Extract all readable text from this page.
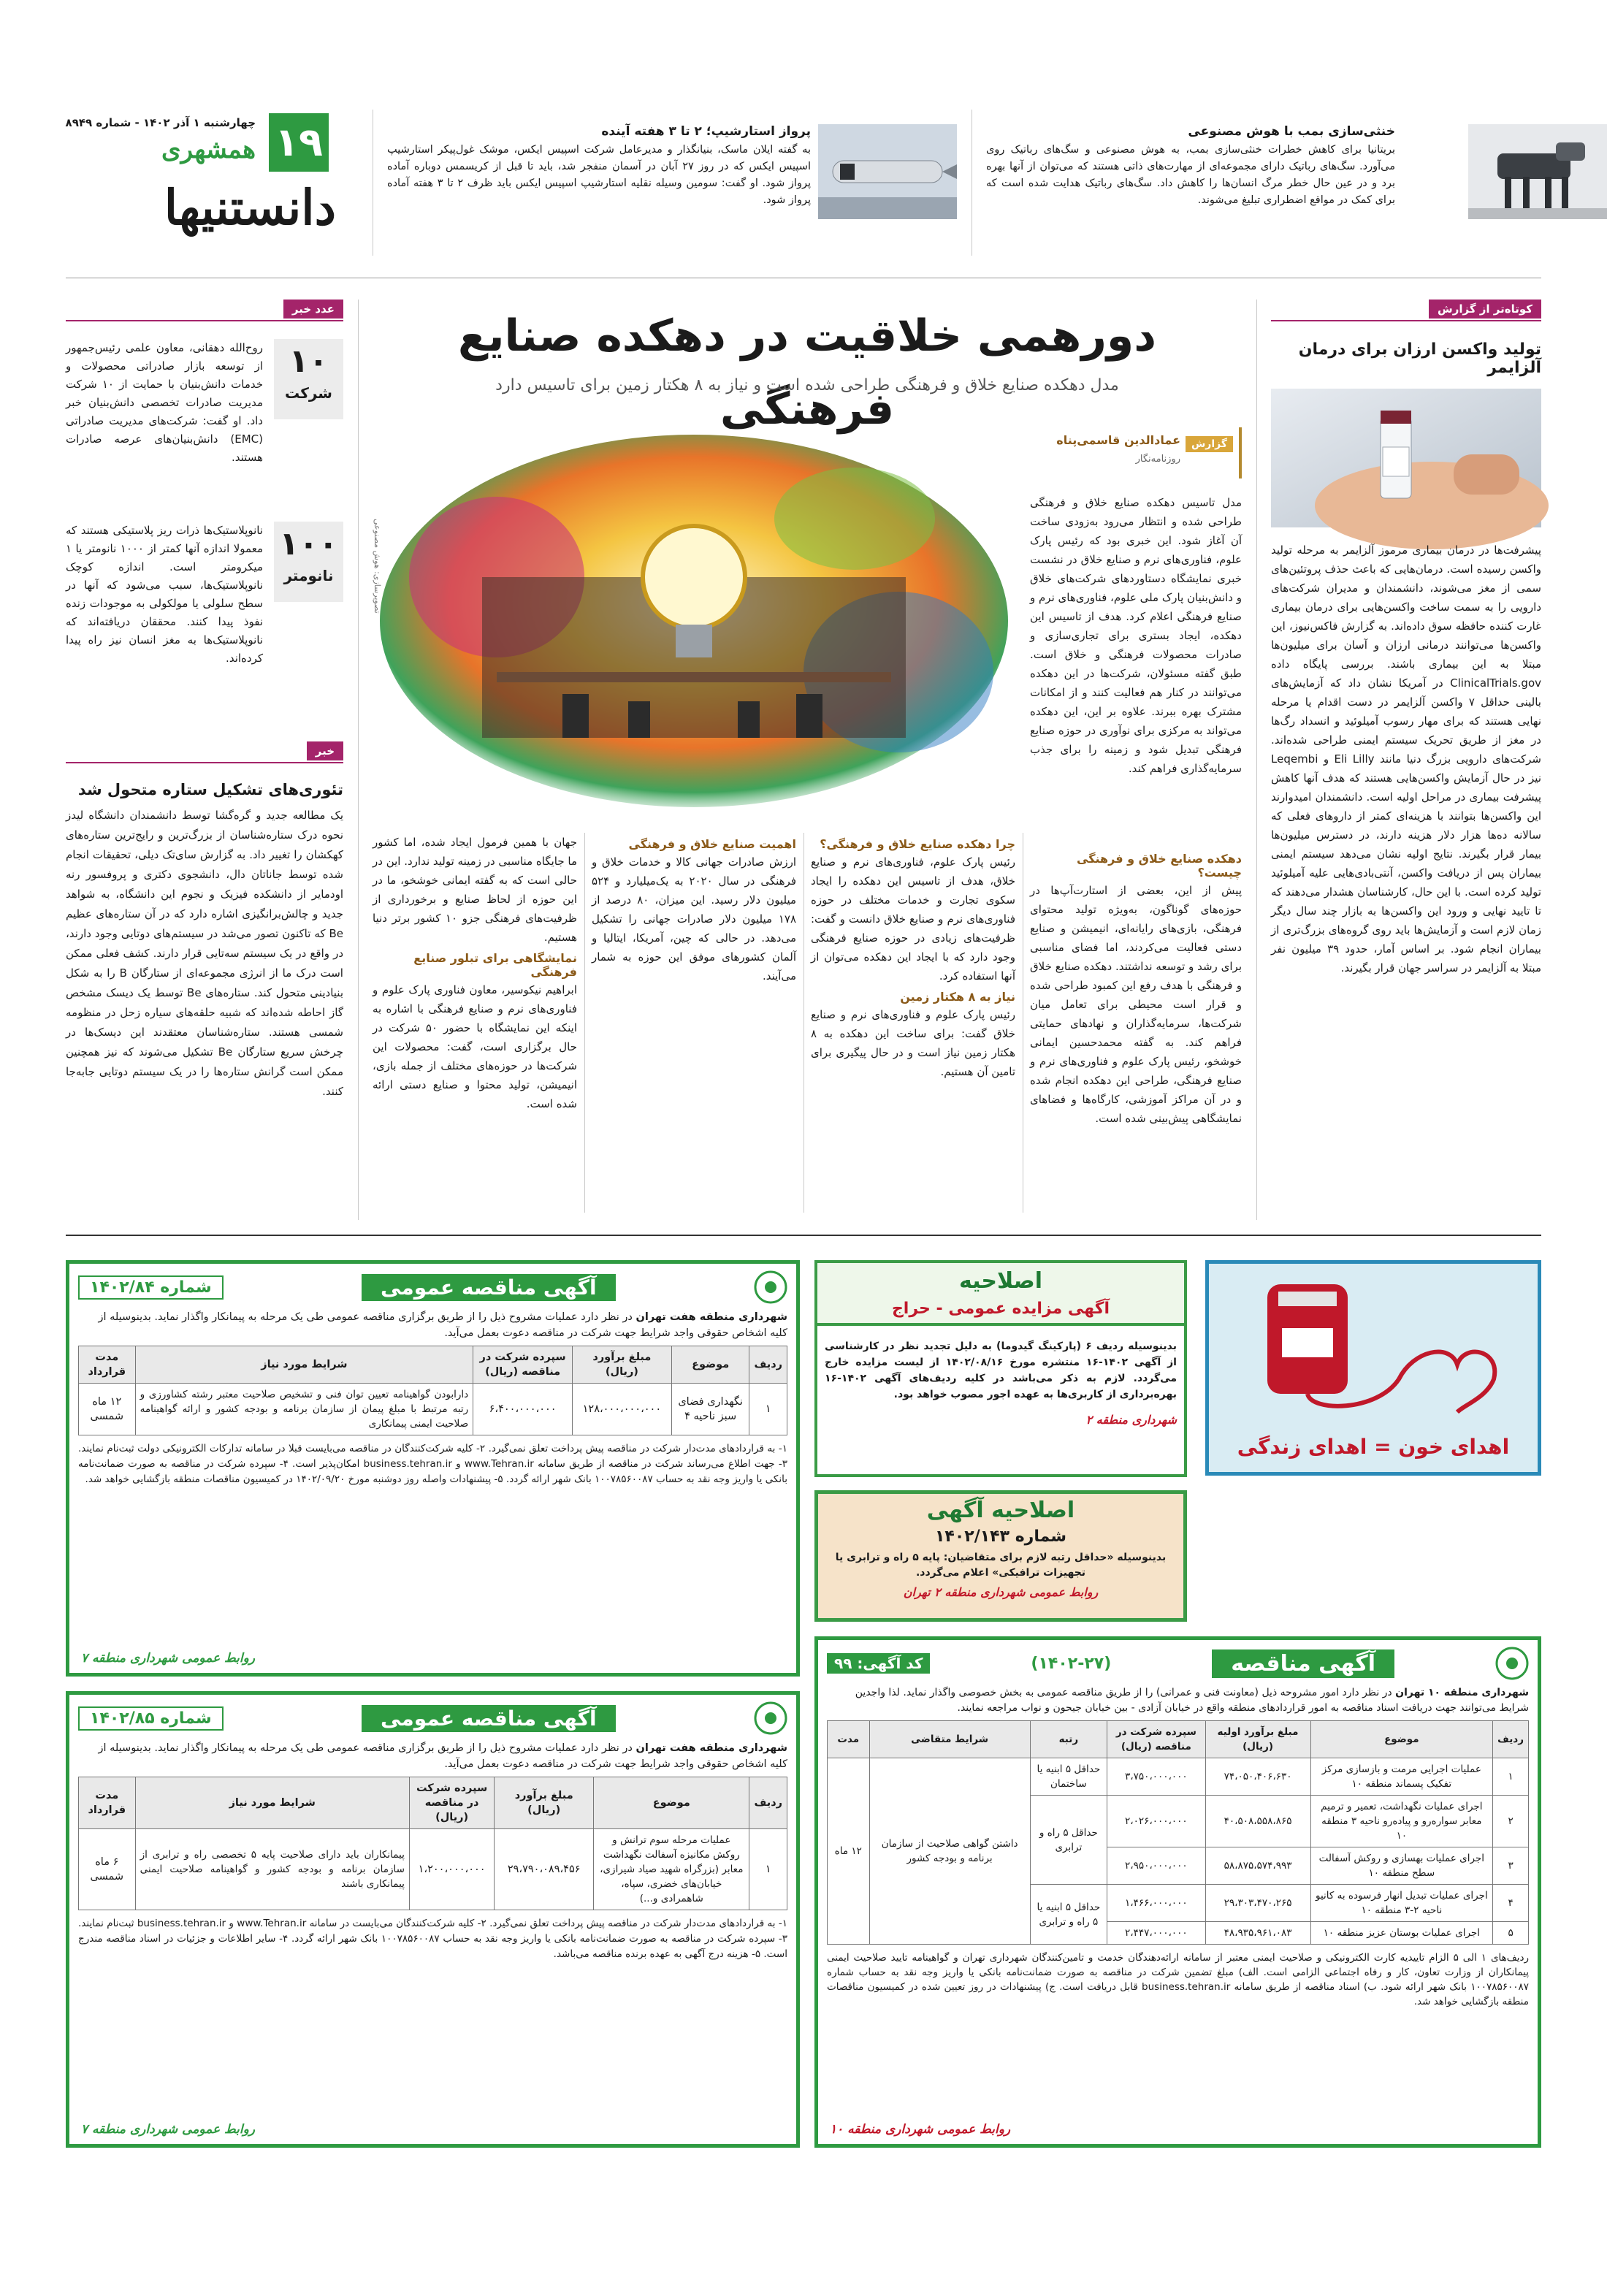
۱۹
چهارشنبه ۱ آذر ۱۴۰۲ - شماره ۸۹۴۹
همشهری
دانستنیها
خنثی‌سازی بمب با هوش مصنوعی

بریتانیا برای کاهش خطرات خنثی‌سازی بمب، به هوش مصنوعی و سگ‌های رباتیک روی می‌آورد. سگ‌های رباتیک دارای مجموعه‌ای از مهارت‌های ذاتی هستند که می‌توان از آنها بهره برد و در عین حال خطر مرگ انسان‌ها را کاهش داد. سگ‌های رباتیک هدایت شده است که برای کمک در مواقع اضطراری تبلیغ می‌شوند.

پرواز استارشیپ؛ ۲ تا ۳ هفته آینده

به گفته ایلان ماسک، بنیانگذار و مدیرعامل شرکت اسپیس ایکس، موشک غول‌پیکر استارشیپ اسپیس ایکس که در روز ۲۷ آبان در آسمان منفجر شد، باید تا قبل از کریسمس دوباره آماده پرواز شود. او گفت: سومین وسیله نقلیه استارشیپ اسپیس ایکس باید ظرف ۲ تا ۳ هفته آماده پرواز شود.

عدد خبر
۱۰
شرکت

روح‌الله دهقانی، معاون علمی رئیس‌جمهور از توسعه بازار صادراتی محصولات و خدمات دانش‌بنیان با حمایت از ۱۰ شرکت مدیریت صادرات تخصصی دانش‌بنیان خبر داد. او گفت: شرکت‌های مدیریت صادراتی (EMC) دانش‌بنیان‌های عرصه صادرات هستند.

۱۰۰
نانومتر

نانوپلاستیک‌ها ذرات ریز پلاستیکی هستند که معمولا اندازه آنها کمتر از ۱۰۰۰ نانومتر یا ۱ میکرومتر است. اندازه کوچک نانوپلاستیک‌ها، سبب می‌شود که آنها در سطح سلولی یا مولکولی به موجودات زنده نفوذ پیدا کنند. محققان دریافته‌اند که نانوپلاستیک‌ها به مغز انسان نیز راه پیدا کرده‌اند.

خبر
تئوری‌های تشکیل ستاره متحول شد

یک مطالعه جدید و گره‌گشا توسط دانشمندان دانشگاه لیدز نحوه درک ستاره‌شناسان از بزرگ‌ترین و رایج‌ترین ستاره‌های کهکشان را تغییر داد. به گزارش سای‌تک دیلی، تحقیقات انجام شده توسط جاناتان دال، دانشجوی دکتری و پروفسور رنه اودمایر از دانشکده فیزیک و نجوم این دانشگاه، به شواهد جدید و چالش‌برانگیزی اشاره دارد که در آن ستاره‌های عظیم Be که تاکنون تصور می‌شد در سیستم‌های دوتایی وجود دارند، در واقع در یک سیستم سه‌تایی قرار دارند. کشف فعلی ممکن است درک ما از انرژی مجموعه‌ای از ستارگان B را به شکل بنیادینی متحول کند. ستاره‌های Be توسط یک دیسک مشخص گاز احاطه شده‌اند که شبیه حلقه‌های سیاره زحل در منظومه شمسی هستند. ستاره‌شناسان معتقدند این دیسک‌ها در چرخش سریع ستارگان Be تشکیل می‌شوند که نیز همچنین ممکن است گرانش ستاره‌ها را در یک سیستم دوتایی جابه‌جا کنند.

کوتاه‌تر از گزارش
تولید واکسن ارزان برای درمان آلزایمر

پیشرفت‌ها در درمان بیماری مرموز آلزایمر به مرحله تولید واکسن رسیده است. درمان‌هایی که باعث حذف پروتئین‌های سمی از مغز می‌شوند، دانشمندان و مدیران شرکت‌های دارویی را به سمت ساخت واکسن‌هایی برای درمان بیماری غارت کننده حافظه سوق داده‌اند. به گزارش فاکس‌نیوز، این واکسن‌ها می‌توانند درمانی ارزان و آسان برای میلیون‌ها مبتلا به این بیماری باشند. بررسی پایگاه داده ClinicalTrials.gov در آمریکا نشان داد که آزمایش‌های بالینی حداقل ۷ واکسن آلزایمر در دست اقدام یا مرحله نهایی هستند که برای مهار رسوب آمیلوئید و انسداد رگ‌ها در مغز از طریق تحریک سیستم ایمنی طراحی شده‌اند. شرکت‌های دارویی بزرگ دنیا مانند Eli Lilly و Leqembi نیز در حال آزمایش واکسن‌هایی هستند که هدف آنها کاهش پیشرفت بیماری در مراحل اولیه است. دانشمندان امیدوارند این واکسن‌ها بتوانند با هزینه‌ای کمتر از داروهای فعلی که سالانه ده‌ها هزار دلار هزینه دارند، در دسترس میلیون‌ها بیمار قرار بگیرند. نتایج اولیه نشان می‌دهد سیستم ایمنی بیماران پس از دریافت واکسن، آنتی‌بادی‌هایی علیه آمیلوئید تولید کرده است. با این حال، کارشناسان هشدار می‌دهند که تا تایید نهایی و ورود این واکسن‌ها به بازار چند سال دیگر زمان لازم است و آزمایش‌ها باید روی گروه‌های بزرگ‌تری از بیماران انجام شود. بر اساس آمار، حدود ۳۹ میلیون نفر مبتلا به آلزایمر در سراسر جهان قرار بگیرند.

دورهمی خلاقیت در دهکده صنایع فرهنگی
مدل دهکده صنایع خلاق و فرهنگی طراحی شده است و نیاز به ۸ هکتار زمین برای تاسیس دارد
گزارش
عمادالدین قاسمی‌پناه
روزنامه‌نگار
تصویرسازی: هوش مصنوعی

مدل تاسیس دهکده صنایع خلاق و فرهنگی طراحی شده و انتظار می‌رود به‌زودی ساخت آن آغاز شود. این خبری بود که رئیس پارک علوم، فناوری‌های نرم و صنایع خلاق در نشست خبری نمایشگاه دستاوردهای شرکت‌های خلاق و دانش‌بنیان پارک ملی علوم، فناوری‌های نرم و صنایع فرهنگی اعلام کرد. هدف از تاسیس این دهکده، ایجاد بستری برای تجاری‌سازی و صادرات محصولات فرهنگی و خلاق است. طبق گفته مسئولان، شرکت‌ها در این دهکده می‌توانند در کنار هم فعالیت کنند و از امکانات مشترک بهره ببرند. علاوه بر این، این دهکده می‌تواند به مرکزی برای نوآوری در حوزه صنایع فرهنگی تبدیل شود و زمینه را برای جذب سرمایه‌گذاری فراهم کند.

دهکده صنایع خلاق و فرهنگی چیست؟

پیش از این، بعضی از استارت‌آپ‌ها در حوزه‌های گوناگون، به‌ویژه تولید محتوای فرهنگی، بازی‌های رایانه‌ای، انیمیشن و صنایع دستی فعالیت می‌کردند، اما فضای مناسبی برای رشد و توسعه نداشتند. دهکده صنایع خلاق و فرهنگی با هدف رفع این کمبود طراحی شده و قرار است محیطی برای تعامل میان شرکت‌ها، سرمایه‌گذاران و نهادهای حمایتی فراهم کند. به گفته محمدحسین ایمانی خوشخو، رئیس پارک علوم و فناوری‌های نرم و صنایع فرهنگی، طراحی این دهکده انجام شده و در آن مراکز آموزشی، کارگاه‌ها و فضاهای نمایشگاهی پیش‌بینی شده است.

چرا دهکده صنایع خلاق و فرهنگی؟

رئیس پارک علوم، فناوری‌های نرم و صنایع خلاق، هدف از تاسیس این دهکده را ایجاد سکوی تجارت و خدمات مختلف در حوزه فناوری‌های نرم و صنایع خلاق دانست و گفت: ظرفیت‌های زیادی در حوزه صنایع فرهنگی وجود دارد که با ایجاد این دهکده می‌توان از آنها استفاده کرد.

نیاز به ۸ هکتار زمین

رئیس پارک علوم و فناوری‌های نرم و صنایع خلاق گفت: برای ساخت این دهکده به ۸ هکتار زمین نیاز است و در حال پیگیری برای تامین آن هستیم.

اهمیت صنایع خلاق و فرهنگی

ارزش صادرات جهانی کالا و خدمات خلاق و فرهنگی در سال ۲۰۲۰ به یک‌میلیارد و ۵۲۴ میلیون دلار رسید. این میزان، ۸۰ درصد از ۱۷۸ میلیون دلار صادرات جهانی را تشکیل می‌دهد. در حالی که چین، آمریکا، ایتالیا و آلمان کشورهای موفق این حوزه به شمار می‌آیند.

جهان با همین فرمول ایجاد شده، اما کشور ما جایگاه مناسبی در زمینه تولید ندارد. این در حالی است که به گفته ایمانی خوشخو، ما در این حوزه از لحاظ صنایع و برخورداری از ظرفیت‌های فرهنگی جزو ۱۰ کشور برتر دنیا هستیم.

نمایشگاهی برای تبلور صنایع فرهنگی

ابراهیم نیکوسیر، معاون فناوری پارک علوم و فناوری‌های نرم و صنایع فرهنگی با اشاره به اینکه این نمایشگاه با حضور ۵۰ شرکت در حال برگزاری است، گفت: محصولات این شرکت‌ها در حوزه‌های مختلف از جمله بازی، انیمیشن، تولید محتوا و صنایع دستی ارائه شده است.

اهدای خون = اهدای زندگی
اصلاحیه
آگهی مزایده عمومی - حراج

بدینوسیله ردیف ۶ (پارکینگ گیدوما) به دلیل تجدید نظر در کارشناسی از آگهی ۱۴۰۲-۱۶ منتشره مورخ ۱۴۰۲/۰۸/۱۶ از لیست مزایده خارج می‌گردد. لازم به ذکر می‌باشد در کلیه ردیف‌های آگهی ۱۴۰۲-۱۶ بهره‌برداری از کاربری‌ها به عهده اجور مصوب خواهد بود.

شهرداری منطقه ۲
اصلاحیه آگهی
شماره ۱۴۰۲/۱۴۳

بدینوسیله «حداقل رتبه لازم برای متقاضیان: پایه ۵ راه و ترابری یا تجهیزات ترافیکی» اعلام می‌گردد.

روابط عمومی شهرداری منطقه ۲ تهران
آگهی مناقصه عمومی
شماره ۱۴۰۲/۸۴
شهرداری منطقه هفت تهران در نظر دارد عملیات مشروح ذیل را از طریق برگزاری مناقصه عمومی طی یک مرحله به پیمانکار واگذار نماید. بدینوسیله از کلیه اشخاص حقوقی واجد شرایط جهت شرکت در مناقصه دعوت بعمل می‌آید.
ردیف	موضوع	مبلغ برآورد (ریال)	سپرده شرکت در مناقصه (ریال)	شرایط مورد نیاز	مدت قرارداد
۱	نگهداری فضای سبز ناحیه ۴	۱۲۸،۰۰۰،۰۰۰،۰۰۰	۶،۴۰۰،۰۰۰،۰۰۰	دارابودن گواهینامه تعیین توان فنی و تشخیص صلاحیت معتبر رشته کشاورزی و رتبه مرتبط با مبلغ پیمان از سازمان برنامه و بودجه کشور و ارائه گواهینامه صلاحیت ایمنی پیمانکاری	۱۲ ماه شمسی

۱- به قراردادهای مدت‌دار شرکت در مناقصه پیش پرداخت تعلق نمی‌گیرد. ۲- کلیه شرکت‌کنندگان در مناقصه می‌بایست قبلا در سامانه تدارکات الکترونیکی دولت ثبت‌نام نمایند. ۳- جهت اطلاع می‌رساند شرکت در مناقصه از طریق سامانه www.Tehran.ir و business.tehran.ir امکان‌پذیر است. ۴- سپرده شرکت در مناقصه به صورت ضمانت‌نامه بانکی یا واریز وجه نقد به حساب ۱۰۰۷۸۵۶۰۰۸۷ بانک شهر ارائه گردد. ۵- پیشنهادات واصله روز دوشنبه مورخ ۱۴۰۲/۰۹/۲۰ در کمیسیون مناقصات منطقه بازگشایی خواهد شد.

روابط عمومی شهرداری منطقه ۷
آگهی مناقصه عمومی
شماره ۱۴۰۲/۸۵
شهرداری منطقه هفت تهران در نظر دارد عملیات مشروح ذیل را از طریق برگزاری مناقصه عمومی طی یک مرحله به پیمانکار واگذار نماید. بدینوسیله از کلیه اشخاص حقوقی واجد شرایط جهت شرکت در مناقصه دعوت بعمل می‌آید.
ردیف	موضوع	مبلغ برآورد (ریال)	سپرده شرکت در مناقصه (ریال)	شرایط مورد نیاز	مدت قرارداد
۱	عملیات مرحله سوم ترانش و روکش مکانیزه آسفالت نگهداشت معابر (بزرگراه شهید صیاد شیرازی، خیابان‌های خضری، سپاه، شاهمرادی و...)	۲۹،۷۹۰،۰۸۹،۴۵۶	۱،۲۰۰،۰۰۰،۰۰۰	پیمانکاران باید دارای صلاحیت پایه ۵ تخصصی راه و ترابری از سازمان برنامه و بودجه کشور و گواهینامه صلاحیت ایمنی پیمانکاری باشند	۶ ماه شمسی

۱- به قراردادهای مدت‌دار شرکت در مناقصه پیش پرداخت تعلق نمی‌گیرد. ۲- کلیه شرکت‌کنندگان می‌بایست در سامانه www.Tehran.ir و business.tehran.ir ثبت‌نام نمایند. ۳- سپرده شرکت در مناقصه به صورت ضمانت‌نامه بانکی یا واریز وجه نقد به حساب ۱۰۰۷۸۵۶۰۰۸۷ بانک شهر ارائه گردد. ۴- سایر اطلاعات و جزئیات در اسناد مناقصه مندرج است. ۵- هزینه درج آگهی به عهده برنده مناقصه می‌باشد.

روابط عمومی شهرداری منطقه ۷
آگهی مناقصه
(۱۴۰۲-۲۷)
کد آگهی: ۹۹
شهرداری منطقه ۱۰ تهران در نظر دارد امور مشروحه ذیل (معاونت فنی و عمرانی) را از طریق مناقصه عمومی به بخش خصوصی واگذار نماید. لذا واجدین شرایط می‌توانند جهت دریافت اسناد مناقصه به امور قراردادهای منطقه واقع در خیابان آزادی - بین خیابان جیحون و نواب مراجعه نمایند.
ردیف	موضوع	مبلغ برآورد اولیه (ریال)	سپرده شرکت در مناقصه (ریال)	رتبه	شرایط متقاضی	مدت
۱	عملیات اجرایی مرمت و بازسازی مرکز تفکیک پسماند منطقه ۱۰	۷۴،۰۵۰،۴۰۶،۶۳۰	۳،۷۵۰،۰۰۰،۰۰۰	حداقل ۵ ابنیه یا ساختمان	داشتن گواهی صلاحیت از سازمان برنامه و بودجه کشور	۱۲ ماه
۲	اجرای عملیات نگهداشت، تعمیر و ترمیم معابر سواره‌رو و پیاده‌رو ناحیه ۳ منطقه ۱۰	۴۰،۵۰۸،۵۵۸،۸۶۵	۲،۰۲۶،۰۰۰،۰۰۰	حداقل ۵ راه و ترابری		
۳	اجرای عملیات بهسازی و روکش آسفالت سطح منطقه ۱۰	۵۸،۸۷۵،۵۷۴،۹۹۳	۲،۹۵۰،۰۰۰،۰۰۰			
۴	اجرای عملیات تبدیل انهار فرسوده به کانیو ناحیه ۲-۳ منطقه ۱۰	۲۹،۳۰۳،۴۷۰،۲۶۵	۱،۴۶۶،۰۰۰،۰۰۰	حداقل ۵ ابنیه یا ۵ راه و ترابری		
۵	اجرای عملیات بوستان عزیز منطقه ۱۰	۴۸،۹۳۵،۹۶۱،۰۸۳	۲،۴۴۷،۰۰۰،۰۰۰			

ردیف‌های ۱ الی ۵ الزام تاییدیه کارت الکترونیکی و صلاحیت ایمنی معتبر از سامانه ارائه‌دهندگان خدمت و تامین‌کنندگان شهرداری تهران و گواهینامه تایید صلاحیت ایمنی پیمانکاران از وزارت تعاون، کار و رفاه اجتماعی الزامی است. الف) مبلغ تضمین شرکت در مناقصه به صورت ضمانت‌نامه بانکی یا واریز وجه نقد به حساب شماره ۱۰۰۷۸۵۶۰۰۸۷ بانک شهر ارائه شود. ب) اسناد مناقصه از طریق سامانه business.tehran.ir قابل دریافت است. ج) پیشنهادات در روز تعیین شده در کمیسیون مناقصات منطقه بازگشایی خواهد شد.

روابط عمومی شهرداری منطقه ۱۰
